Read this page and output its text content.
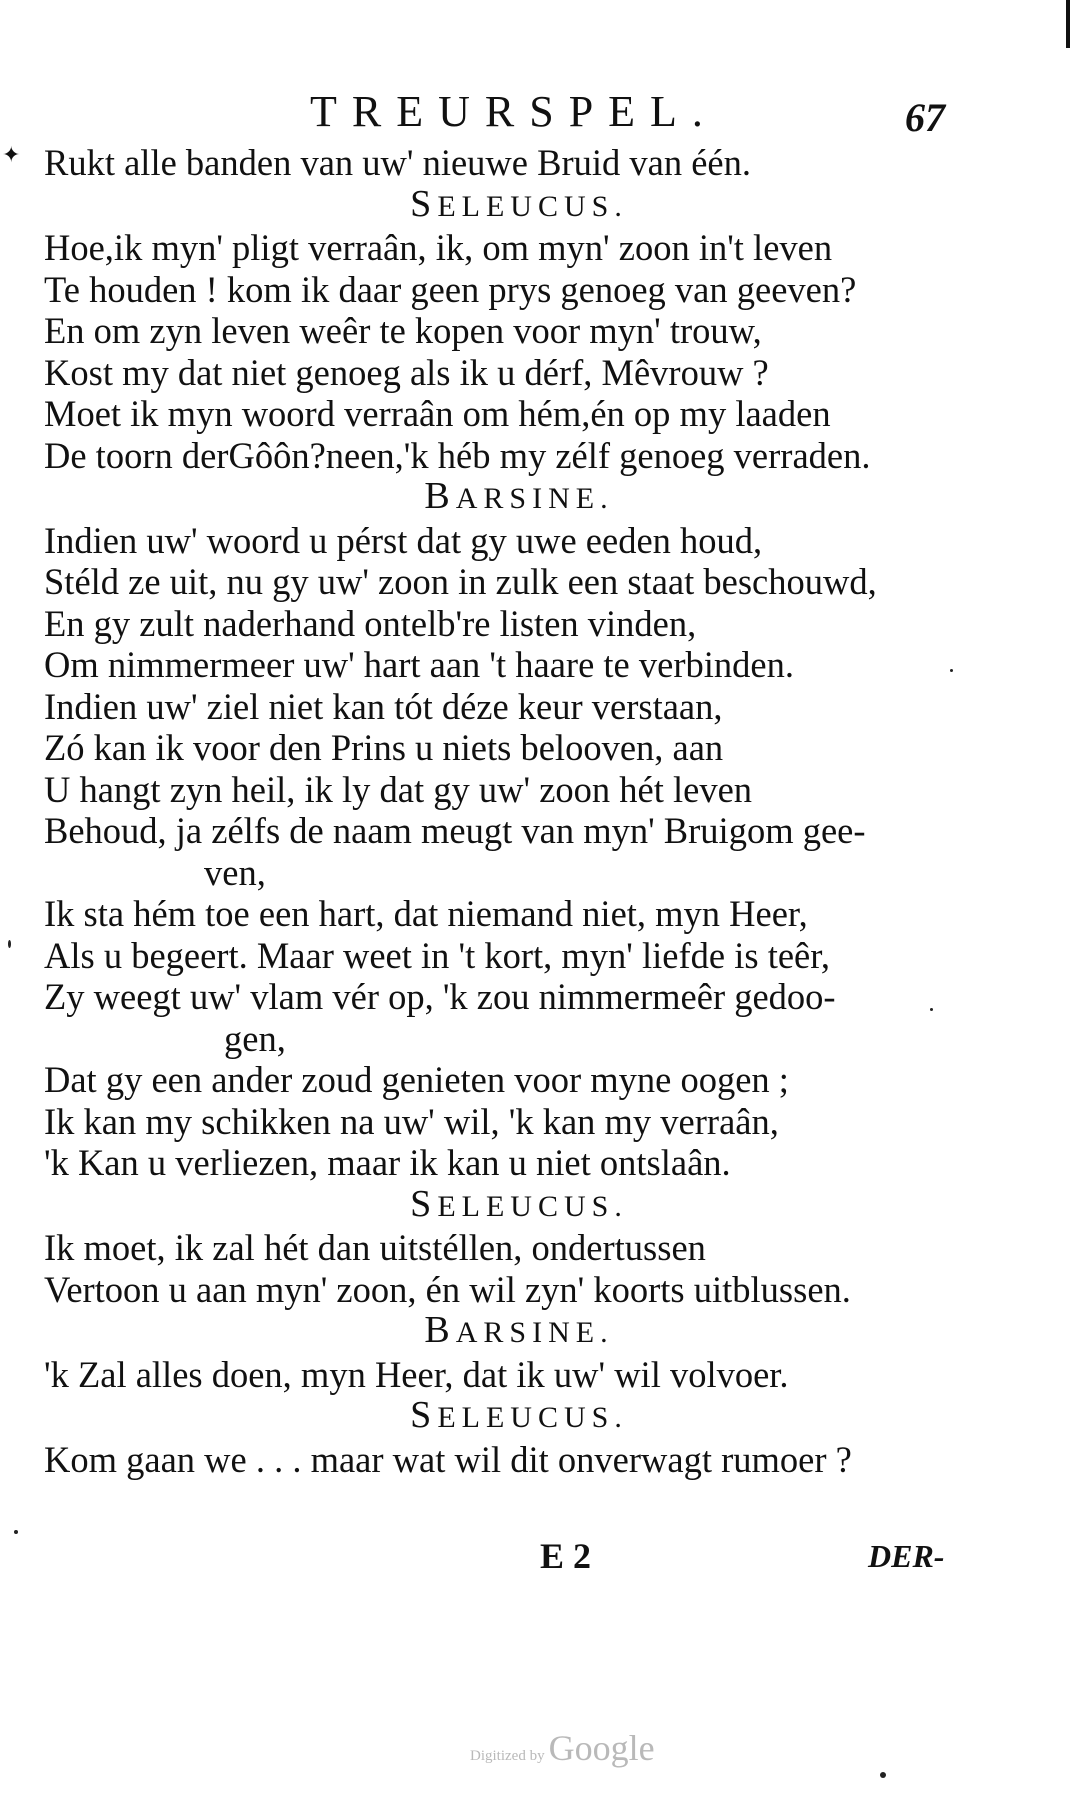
✦
TREURSPEL.	67
Rukt alle banden van uw' nieuwe Bruid van één.
SELEUCUS.
Hoe,ik myn' pligt verraân, ik, om myn' zoon in't leven
Te houden ! kom ik daar geen prys genoeg van geeven?
En om zyn leven weêr te kopen voor myn' trouw,
Kost my dat niet genoeg als ik u dérf, Mêvrouw ?
Moet ik myn woord verraân om hém,én op my laaden
De toorn derGôôn?neen,'k héb my zélf genoeg verraden.
BARSINE.
Indien uw' woord u pérst dat gy uwe eeden houd,
Stéld ze uit, nu gy uw' zoon in zulk een staat beschouwd,
En gy zult naderhand ontelb're listen vinden,
Om nimmermeer uw' hart aan 't haare te verbinden.
Indien uw' ziel niet kan tót déze keur verstaan,
Zó kan ik voor den Prins u niets belooven, aan
U hangt zyn heil, ik ly dat gy uw' zoon hét leven
Behoud, ja zélfs de naam meugt van myn' Bruigom gee-
ven,
Ik sta hém toe een hart, dat niemand niet, myn Heer,
Als u begeert. Maar weet in 't kort, myn' liefde is teêr,
Zy weegt uw' vlam vér op, 'k zou nimmermeêr gedoo-
gen,
Dat gy een ander zoud genieten voor myne oogen ;
Ik kan my schikken na uw' wil, 'k kan my verraân,
'k Kan u verliezen, maar ik kan u niet ontslaân.
SELEUCUS.
Ik moet, ik zal hét dan uitstéllen, ondertussen
Vertoon u aan myn' zoon, én wil zyn' koorts uitblussen.
BARSINE.
'k Zal alles doen, myn Heer, dat ik uw' wil volvoer.
SELEUCUS.
Kom gaan we . . . maar wat wil dit onverwagt rumoer ?
E 2	DER-
Digitized by Google
